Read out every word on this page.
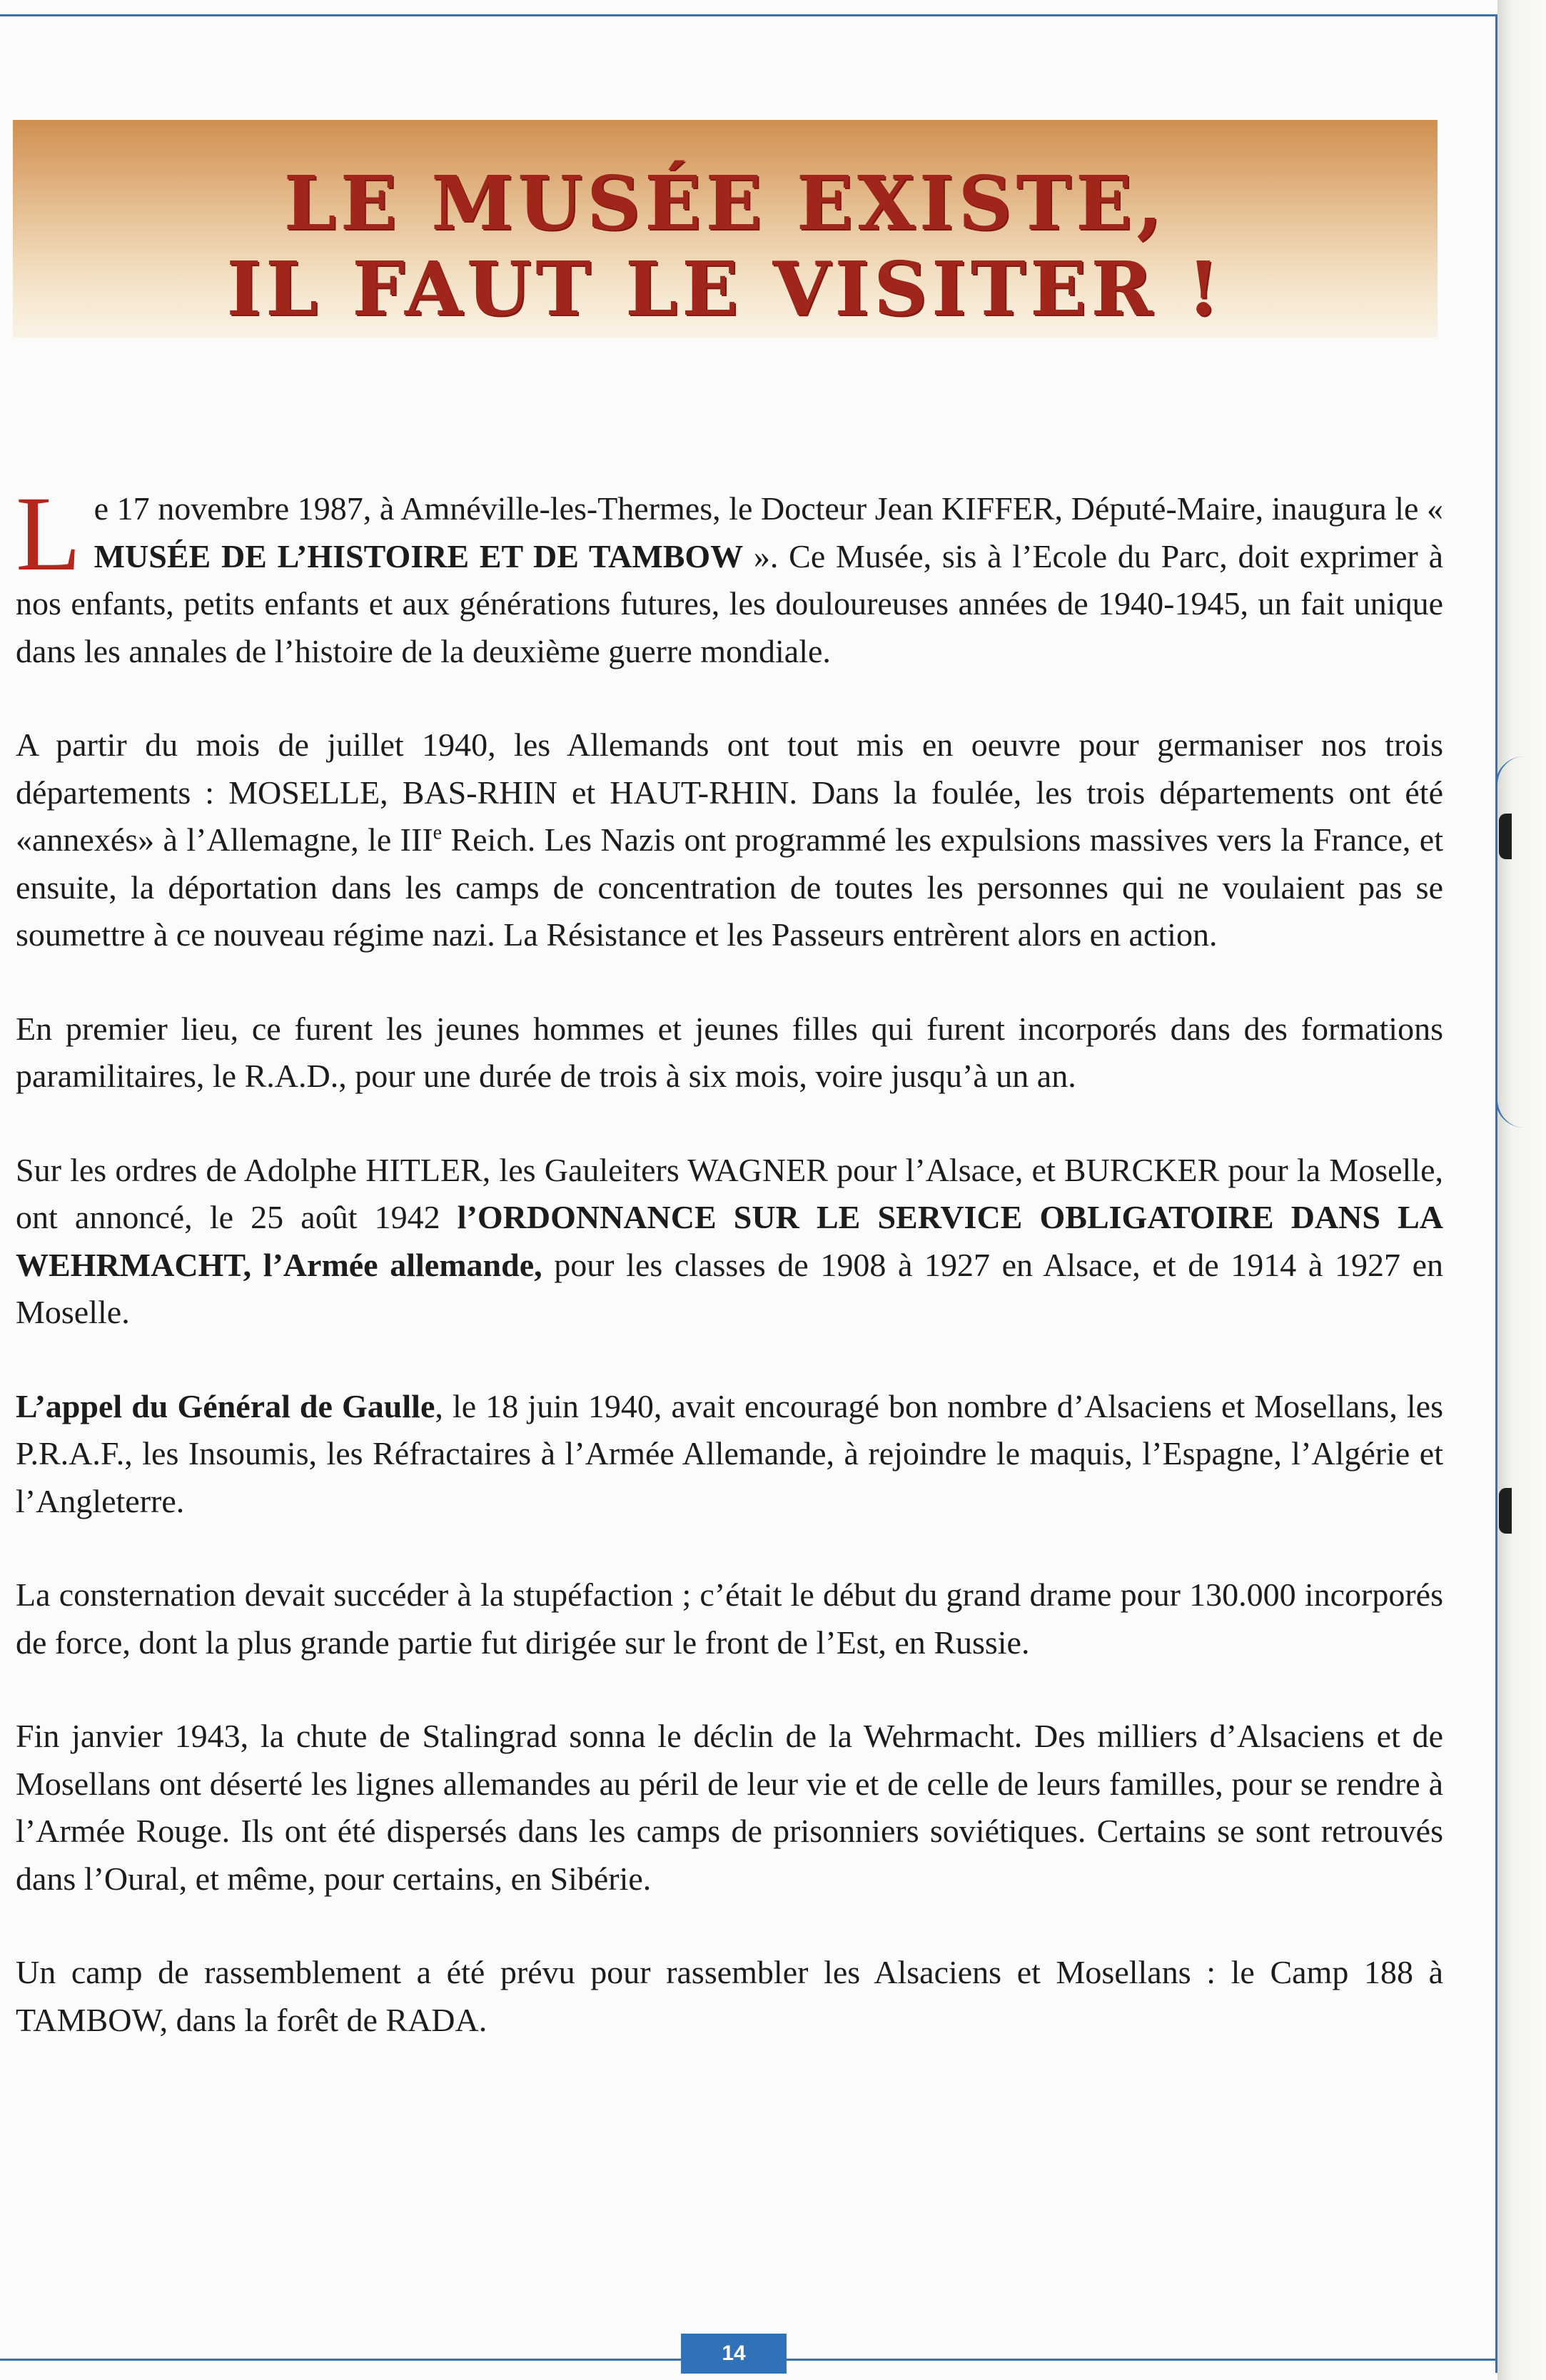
LE MUSÉE EXISTE,
IL FAUT LE VISITER !

Le 17 novembre 1987, à Amnéville-les-Thermes, le Docteur Jean KIFFER, Député-Maire, inaugura le « MUSÉE DE L’HISTOIRE ET DE TAMBOW ». Ce Musée, sis à l’Ecole du Parc, doit exprimer à nos enfants, petits enfants et aux générations futures, les douloureuses années de 1940-1945, un fait unique dans les annales de l’histoire de la deuxième guerre mondiale.

A partir du mois de juillet 1940, les Allemands ont tout mis en oeuvre pour germaniser nos trois départements : MOSELLE, BAS-RHIN et HAUT-RHIN. Dans la foulée, les trois départements ont été «annexés» à l’Allemagne, le IIIe Reich. Les Nazis ont programmé les expulsions massives vers la France, et ensuite, la déportation dans les camps de concentration de toutes les personnes qui ne voulaient pas se soumettre à ce nouveau régime nazi. La Résistance et les Passeurs entrèrent alors en action.

En premier lieu, ce furent les jeunes hommes et jeunes filles qui furent incorporés dans des formations paramilitaires, le R.A.D., pour une durée de trois à six mois, voire jusqu’à un an.

Sur les ordres de Adolphe HITLER, les Gauleiters WAGNER pour l’Alsace, et BURCKER pour la Moselle, ont annoncé, le 25 août 1942 l’ORDONNANCE SUR LE SERVICE OBLIGATOIRE DANS LA WEHRMACHT, l’Armée allemande, pour les classes de 1908 à 1927 en Alsace, et de 1914 à 1927 en Moselle.

L’appel du Général de Gaulle, le 18 juin 1940, avait encouragé bon nombre d’Alsaciens et Mosellans, les P.R.A.F., les Insoumis, les Réfractaires à l’Armée Allemande, à rejoindre le maquis, l’Espagne, l’Algérie et l’Angleterre.

La consternation devait succéder à la stupéfaction ; c’était le début du grand drame pour 130.000 incorporés de force, dont la plus grande partie fut dirigée sur le front de l’Est, en Russie.

Fin janvier 1943, la chute de Stalingrad sonna le déclin de la Wehrmacht. Des milliers d’Alsaciens et de Mosellans ont déserté les lignes allemandes au péril de leur vie et de celle de leurs familles, pour se rendre à l’Armée Rouge. Ils ont été dispersés dans les camps de prisonniers soviétiques. Certains se sont retrouvés dans l’Oural, et même, pour certains, en Sibérie.

Un camp de rassemblement a été prévu pour rassembler les Alsaciens et Mosellans : le Camp 188 à TAMBOW, dans la forêt de RADA.

14
